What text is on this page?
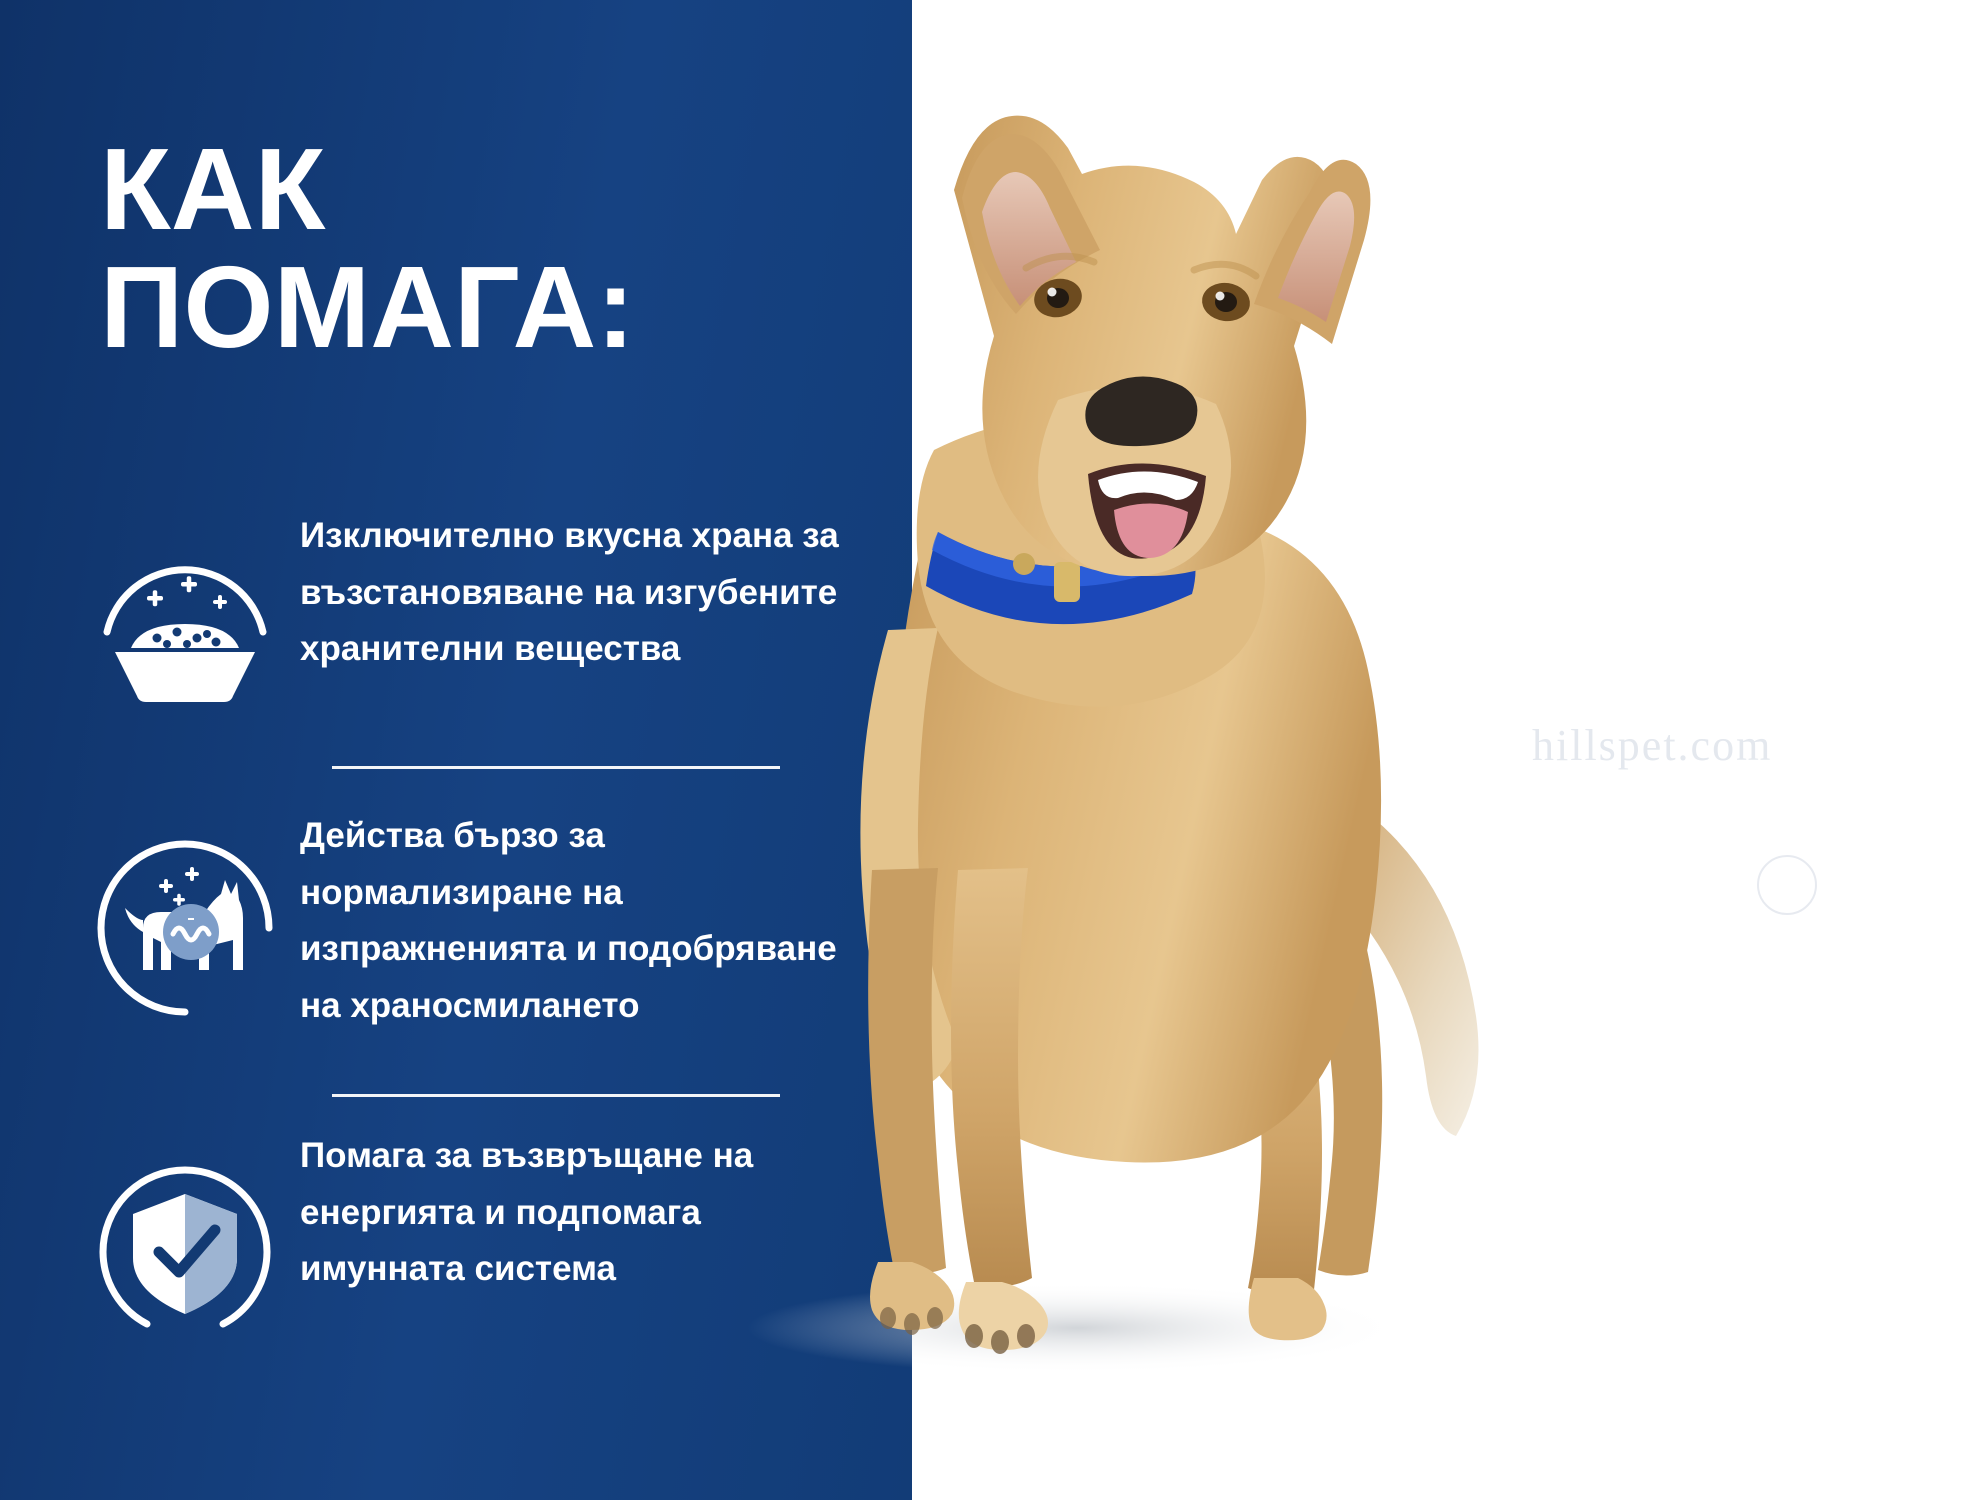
КАК
ПОМАГА:
Изключително вкусна храна за възстановяване на изгубените хранителни вещества
Действа бързо за нормализиране на изпражненията и подобряване на храносмилането
Помага за възвръщане на енергията и подпомага имунната система
hillspet.com
